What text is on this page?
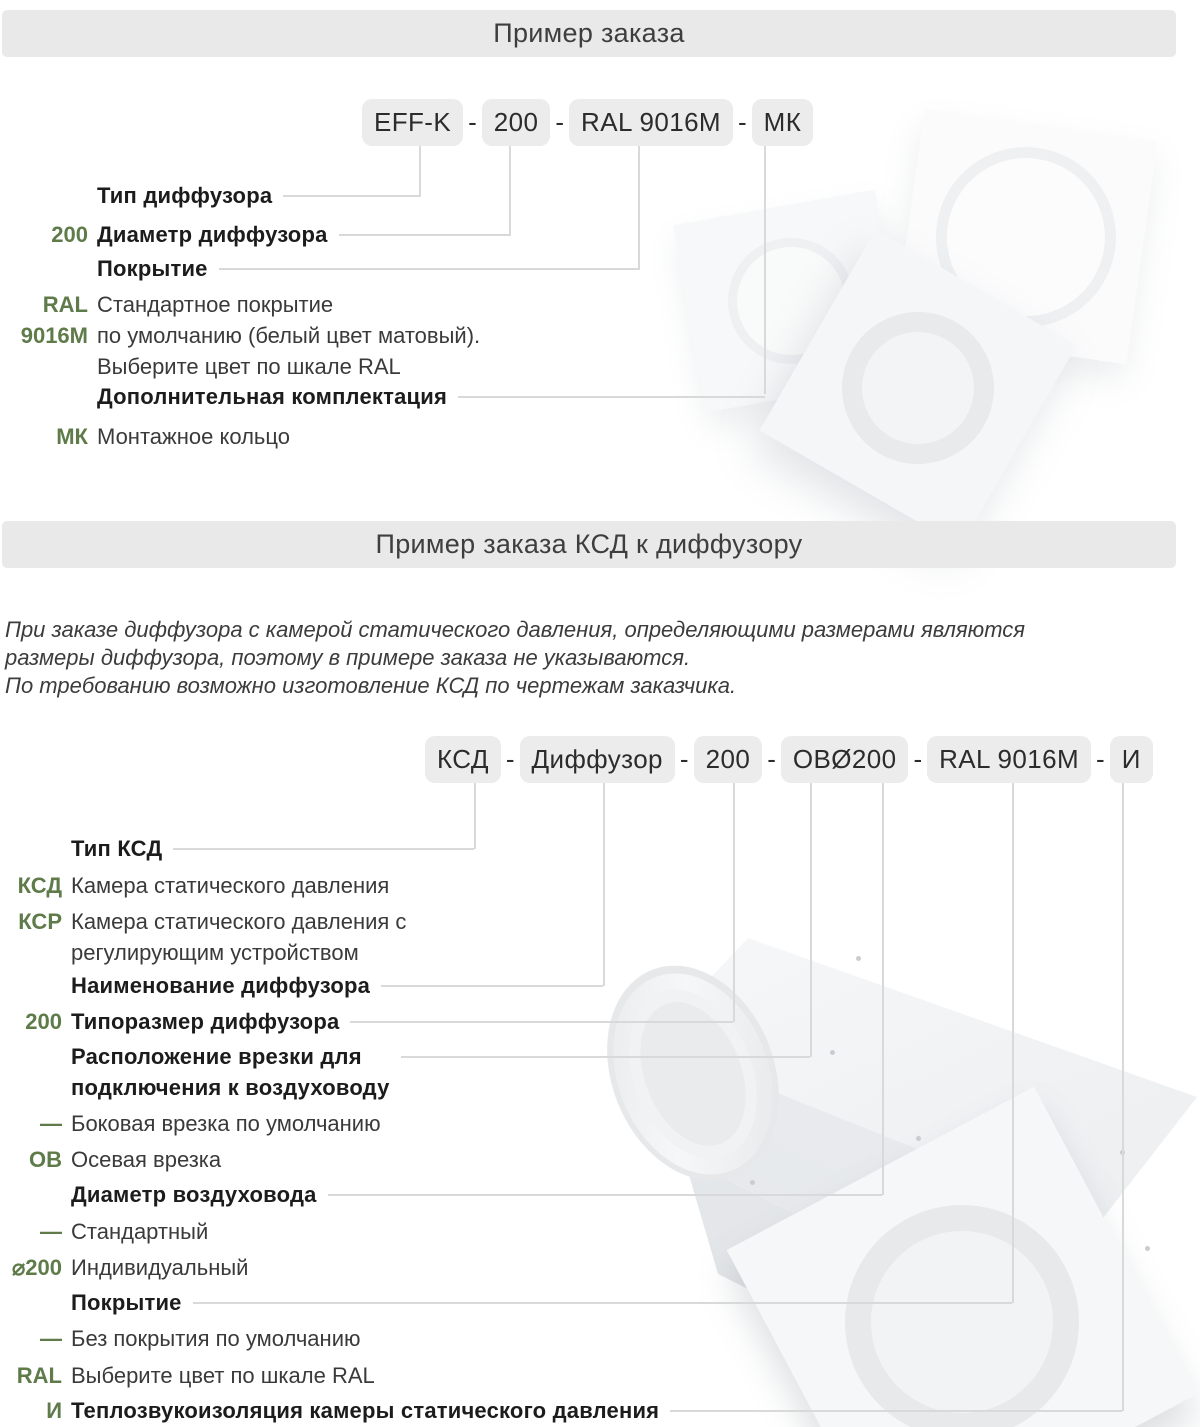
Пример заказа
EFF-K - 200 - RAL 9016M - МК
Тип диффузора
200 Диаметр диффузора
Покрытие
RAL 9016M
Стандартное покрытие
по умолчанию (белый цвет матовый).
Выберите цвет по шкале RAL
Дополнительная комплектация
МК Монтажное кольцо
Пример заказа КСД к диффузору
При заказе диффузора с камерой статического давления, определяющими размерами являются
размеры диффузора, поэтому в примере заказа не указываются.
По требованию возможно изготовление КСД по чертежам заказчика.
КСД - Диффузор - 200 - ОВØ200 - RAL 9016M - И
Тип КСД
КСД Камера статического давления
КСР Камера статического давления с
регулирующим устройством
Наименование диффузора
200 Типоразмер диффузора
Расположение врезки для
подключения к воздуховоду
— Боковая врезка по умолчанию
ОВ Осевая врезка
Диаметр воздуховода
— Стандартный
⌀200 Индивидуальный
Покрытие
— Без покрытия по умолчанию
RAL Выберите цвет по шкале RAL
И Теплозвукоизоляция камеры статического давления
